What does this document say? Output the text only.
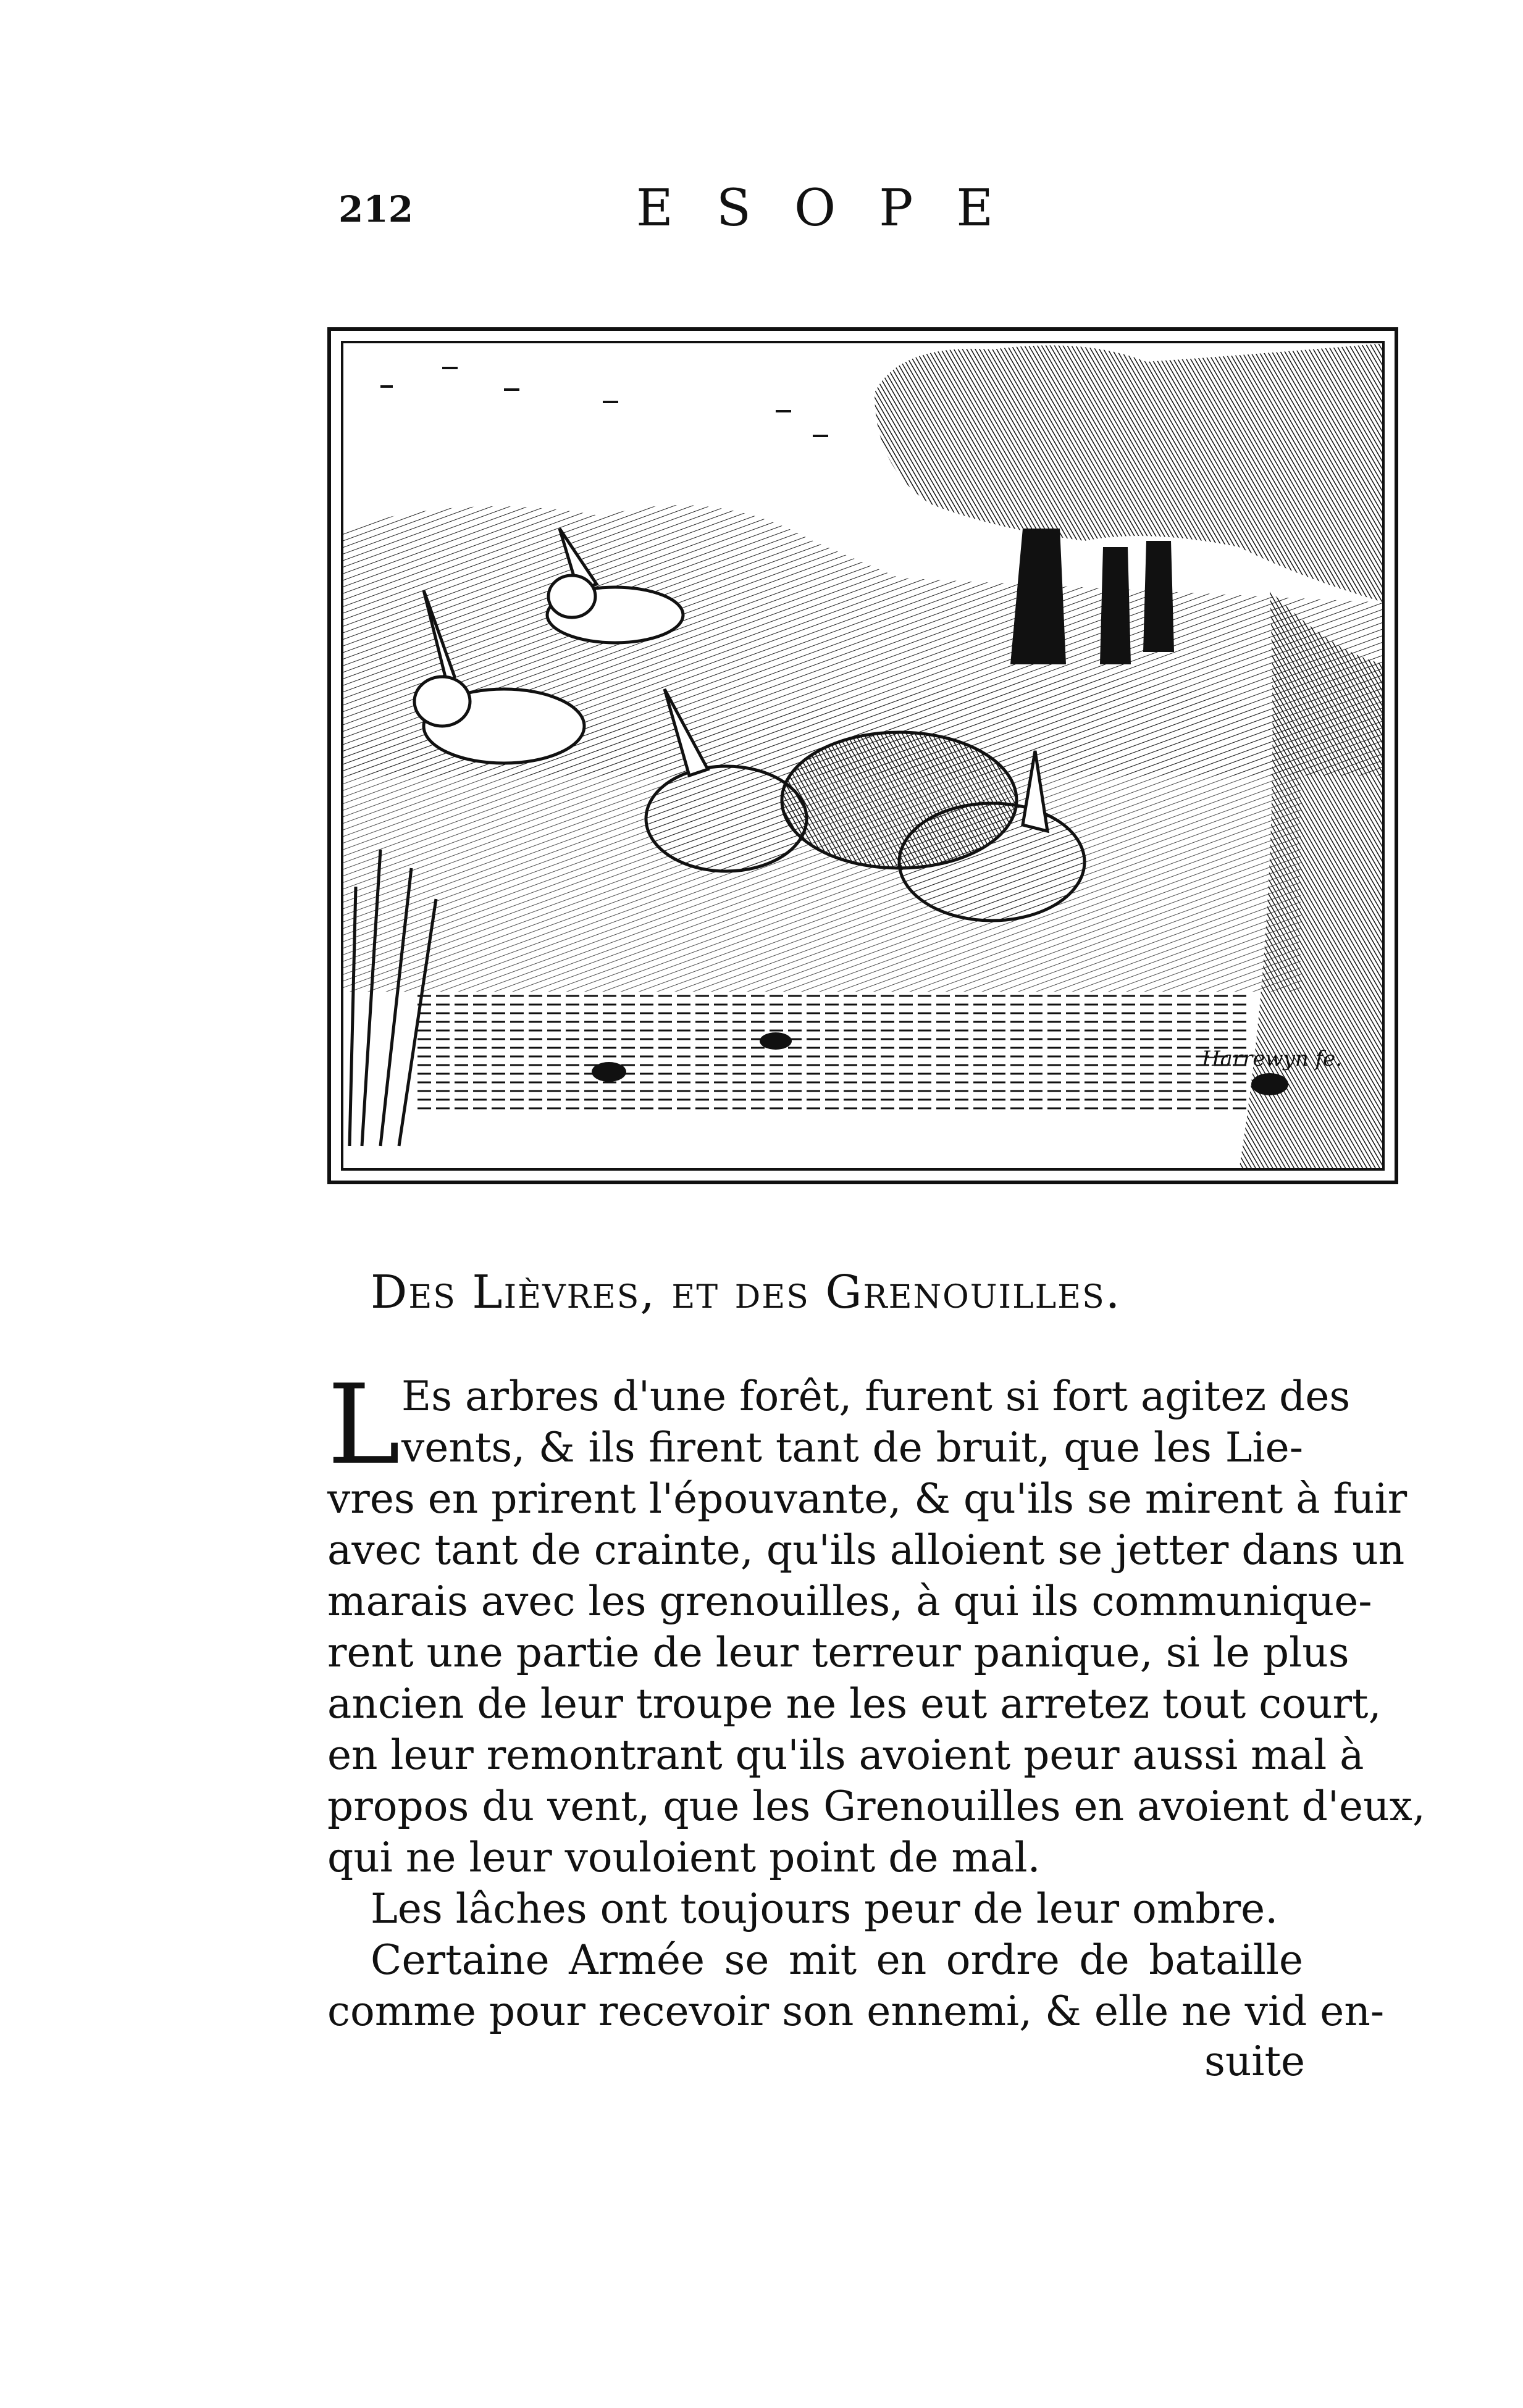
212	ESOPE
Harrewyn fe.
Des Lièvres, et des Grenouilles.
L Es arbres d'une forêt, furent si fort agitez des
vents, & ils firent tant de bruit, que les Lie-
vres en prirent l'épouvante, & qu'ils se mirent à fuir
avec tant de crainte, qu'ils alloient se jetter dans un
marais avec les grenouilles, à qui ils communique-
rent une partie de leur terreur panique, si le plus
ancien de leur troupe ne les eut arretez tout court,
en leur remontrant qu'ils avoient peur aussi mal à
propos du vent, que les Grenouilles en avoient d'eux,
qui ne leur vouloient point de mal.
Les lâches ont toujours peur de leur ombre.
Certaine Armée se mit en ordre de bataille
comme pour recevoir son ennemi, & elle ne vid en-
suite
